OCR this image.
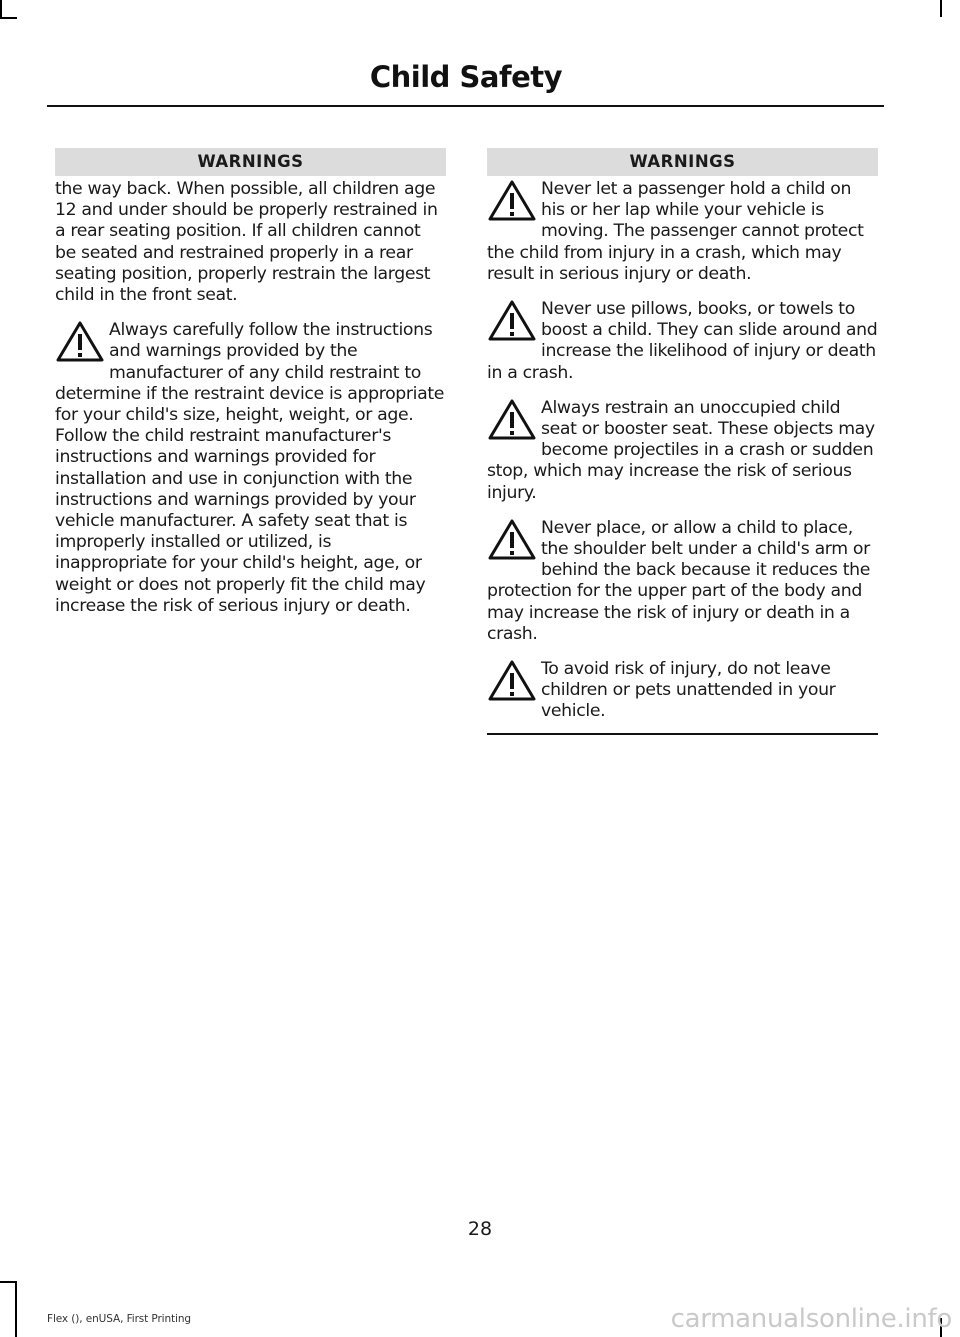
Child Safety
WARNINGS

the way back. When possible, all children age 12 and under should be properly restrained in a rear seating position. If all children cannot be seated and restrained properly in a rear seating position, properly restrain the largest child in the front seat.

Always carefully follow the instructions and warnings provided by the manufacturer of any child restraint to determine if the restraint device is appropriate for your child's size, height, weight, or age. Follow the child restraint manufacturer's instructions and warnings provided for installation and use in conjunction with the instructions and warnings provided by your vehicle manufacturer. A safety seat that is improperly installed or utilized, is inappropriate for your child's height, age, or weight or does not properly fit the child may increase the risk of serious injury or death.

WARNINGS

Never let a passenger hold a child on his or her lap while your vehicle is moving. The passenger cannot protect the child from injury in a crash, which may result in serious injury or death.

Never use pillows, books, or towels to boost a child. They can slide around and increase the likelihood of injury or death in a crash.

Always restrain an unoccupied child seat or booster seat. These objects may become projectiles in a crash or sudden stop, which may increase the risk of serious injury.

Never place, or allow a child to place, the shoulder belt under a child's arm or behind the back because it reduces the protection for the upper part of the body and may increase the risk of injury or death in a crash.

To avoid risk of injury, do not leave children or pets unattended in your vehicle.

28
Flex (), enUSA, First Printing	carmanualsonline.info
